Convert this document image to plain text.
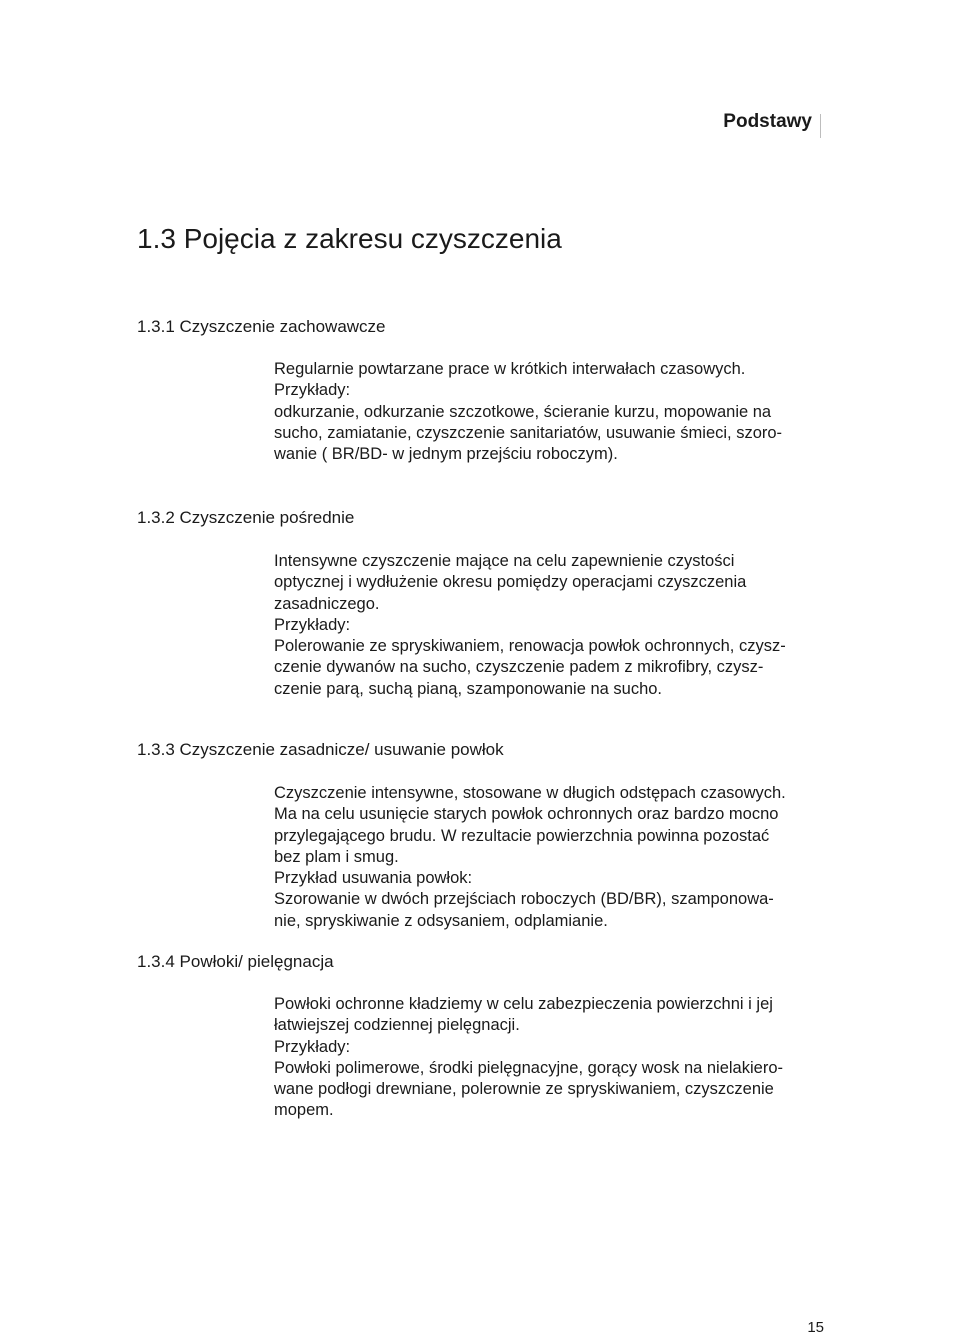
Podstawy
1.3 Pojęcia z zakresu czyszczenia
1.3.1 Czyszczenie zachowawcze

Regularnie powtarzane prace w krótkich interwałach czasowych.

Przykłady:

odkurzanie, odkurzanie szczotkowe, ścieranie kurzu, mopowanie na

sucho, zamiatanie, czyszczenie sanitariatów, usuwanie śmieci, szoro-

wanie ( BR/BD- w jednym przejściu roboczym).

1.3.2 Czyszczenie pośrednie

Intensywne czyszczenie mające na celu zapewnienie czystości

optycznej i wydłużenie okresu pomiędzy operacjami czyszczenia

zasadniczego.

Przykłady:

Polerowanie ze spryskiwaniem, renowacja powłok ochronnych, czysz-

czenie dywanów na sucho, czyszczenie padem z mikrofibry, czysz-

czenie parą, suchą pianą, szamponowanie na sucho.

1.3.3 Czyszczenie zasadnicze/ usuwanie powłok

Czyszczenie intensywne, stosowane w długich odstępach czasowych.

Ma na celu usunięcie starych powłok ochronnych oraz bardzo mocno

przylegającego brudu. W rezultacie powierzchnia powinna pozostać

bez plam i smug.

Przykład usuwania powłok:

Szorowanie w dwóch przejściach roboczych (BD/BR), szamponowa-

nie, spryskiwanie z odsysaniem, odplamianie.

1.3.4 Powłoki/ pielęgnacja

Powłoki ochronne kładziemy w celu zabezpieczenia powierzchni i jej

łatwiejszej codziennej pielęgnacji.

Przykłady:

Powłoki polimerowe, środki pielęgnacyjne, gorący wosk na nielakiero-

wane podłogi drewniane, polerownie ze spryskiwaniem, czyszczenie

mopem.

15
